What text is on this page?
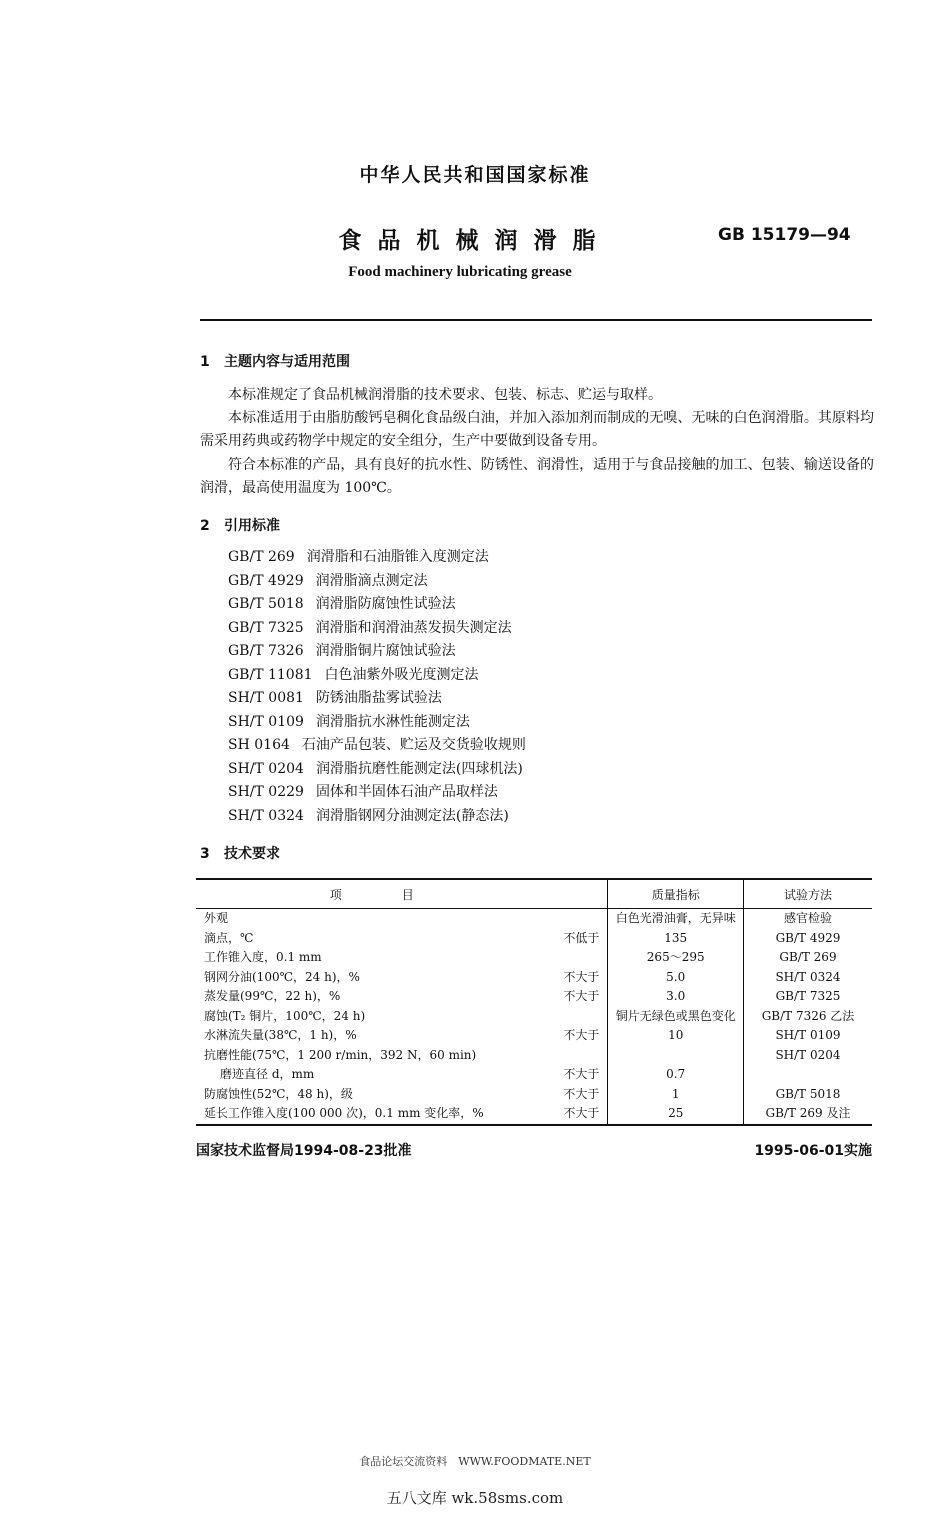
中华人民共和国国家标准
食品机械润滑脂	GB 15179—94
Food machinery lubricating grease
1 主题内容与适用范围
本标准规定了食品机械润滑脂的技术要求、包装、标志、贮运与取样。
本标准适用于由脂肪酸钙皂稠化食品级白油，并加入添加剂而制成的无嗅、无味的白色润滑脂。其原料均需采用药典或药物学中规定的安全组分，生产中要做到设备专用。
符合本标准的产品，具有良好的抗水性、防锈性、润滑性，适用于与食品接触的加工、包装、输送设备的润滑，最高使用温度为 100℃。
2 引用标准
GB/T 269 润滑脂和石油脂锥入度测定法
GB/T 4929 润滑脂滴点测定法
GB/T 5018 润滑脂防腐蚀性试验法
GB/T 7325 润滑脂和润滑油蒸发损失测定法
GB/T 7326 润滑脂铜片腐蚀试验法
GB/T 11081 白色油紫外吸光度测定法
SH/T 0081 防锈油脂盐雾试验法
SH/T 0109 润滑脂抗水淋性能测定法
SH 0164 石油产品包装、贮运及交货验收规则
SH/T 0204 润滑脂抗磨性能测定法(四球机法)
SH/T 0229 固体和半固体石油产品取样法
SH/T 0324 润滑脂钢网分油测定法(静态法)
3 技术要求
项目		质量指标	试验方法
外观		白色光滑油膏，无异味	感官检验
滴点，℃	不低于	135	GB/T 4929
工作锥入度，0.1 mm		265～295	GB/T 269
钢网分油(100℃，24 h)，%	不大于	5.0	SH/T 0324
蒸发量(99℃，22 h)，%	不大于	3.0	GB/T 7325
腐蚀(T₂ 铜片，100℃，24 h)		铜片无绿色或黑色变化	GB/T 7326 乙法
水淋流失量(38℃，1 h)，%	不大于	10	SH/T 0109
抗磨性能(75℃，1 200 r/min，392 N，60 min)			SH/T 0204
磨迹直径 d，mm	不大于	0.7	
防腐蚀性(52℃，48 h)，级	不大于	1	GB/T 5018
延长工作锥入度(100 000 次)，0.1 mm 变化率，%	不大于	25	GB/T 269 及注
国家技术监督局1994-08-23批准	1995-06-01实施
食品论坛交流资料　WWW.FOODMATE.NET
五八文库 wk.58sms.com
